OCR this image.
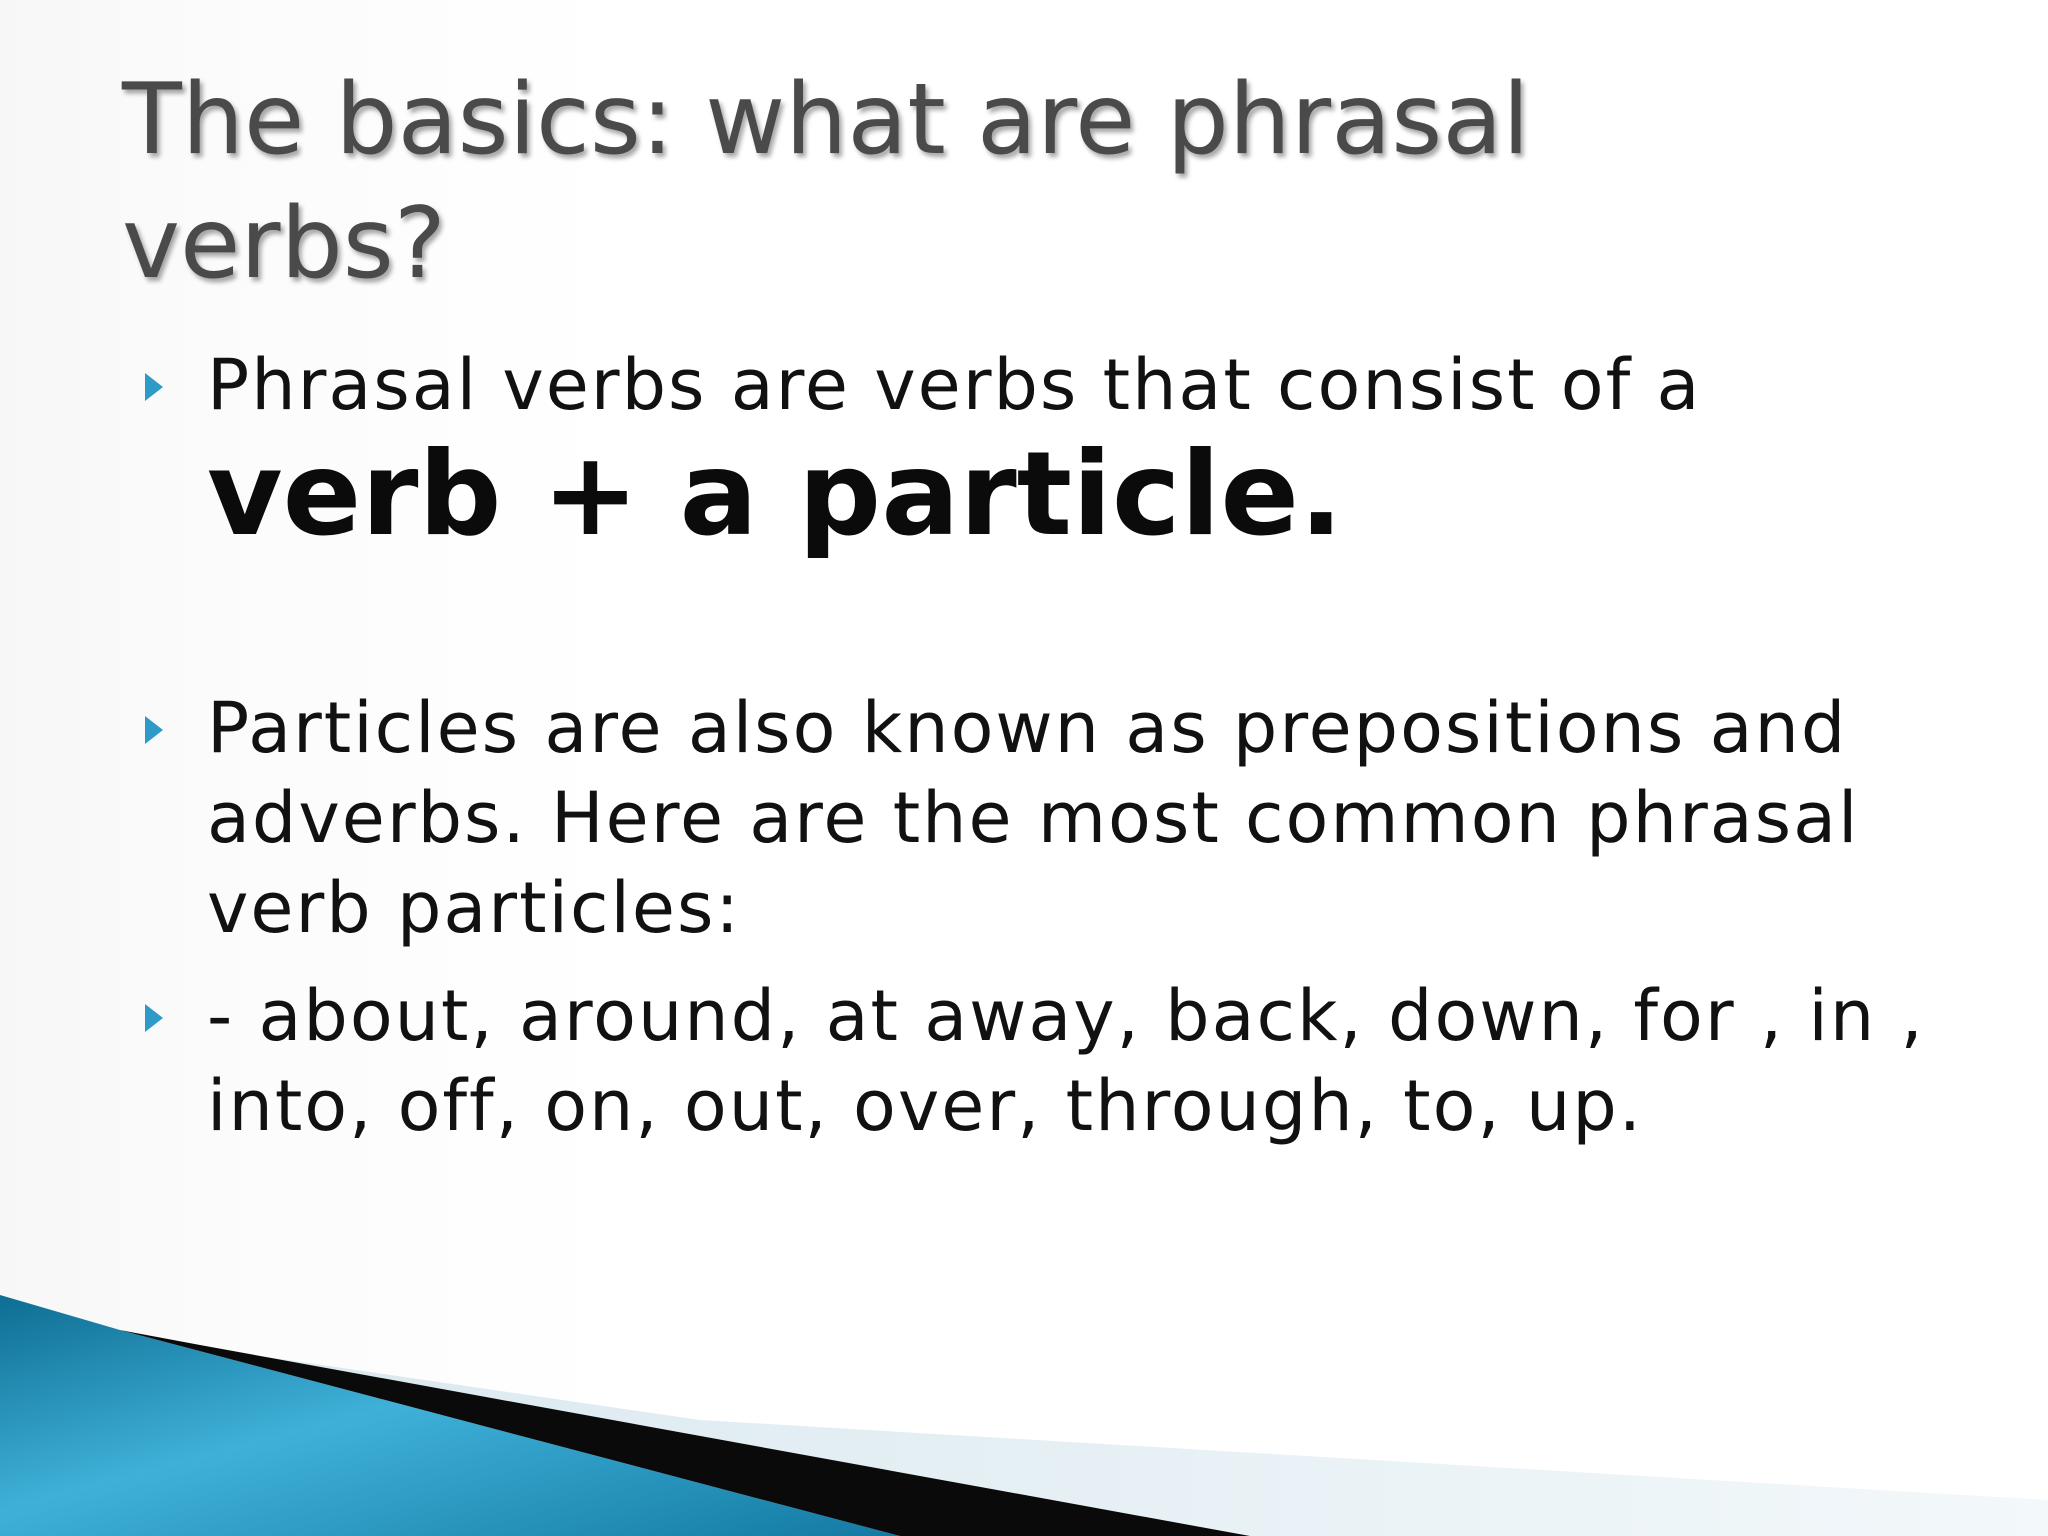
The basics: what are phrasal verbs?

Phrasal verbs are verbs that consist of a
verb + a particle.

Particles are also known as prepositions and adverbs. Here are the most common phrasal verb particles:

- about, around, at away, back, down, for , in , into, off, on, out, over, through, to, up.
